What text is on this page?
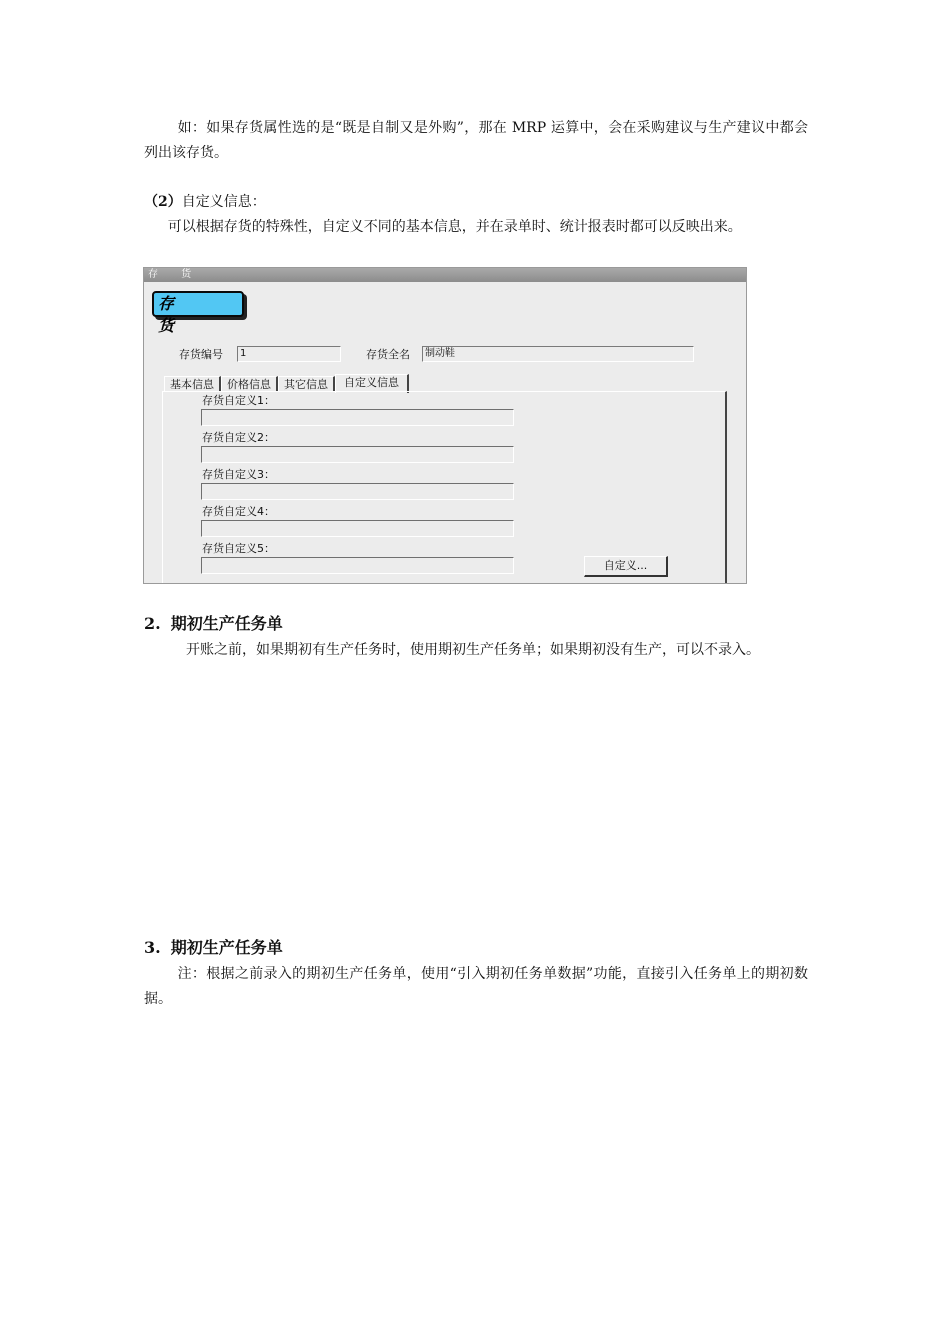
如：如果存货属性选的是“既是自制又是外购”，那在 MRP 运算中，会在采购建议与生产建议中都会列出该存货。

（2）自定义信息：

可以根据存货的特殊性，自定义不同的基本信息，并在录单时、统计报表时都可以反映出来。

存 货
存 货
存货编号	1	存货全名	制动鞋
基本信息	价格信息	其它信息	自定义信息
存货自定义1：
存货自定义2：
存货自定义3：
存货自定义4：
存货自定义5：
自定义...
2. 期初生产任务单

开账之前，如果期初有生产任务时，使用期初生产任务单；如果期初没有生产，可以不录入。

3. 期初生产任务单

注：根据之前录入的期初生产任务单，使用“引入期初任务单数据”功能，直接引入任务单上的期初数据。
